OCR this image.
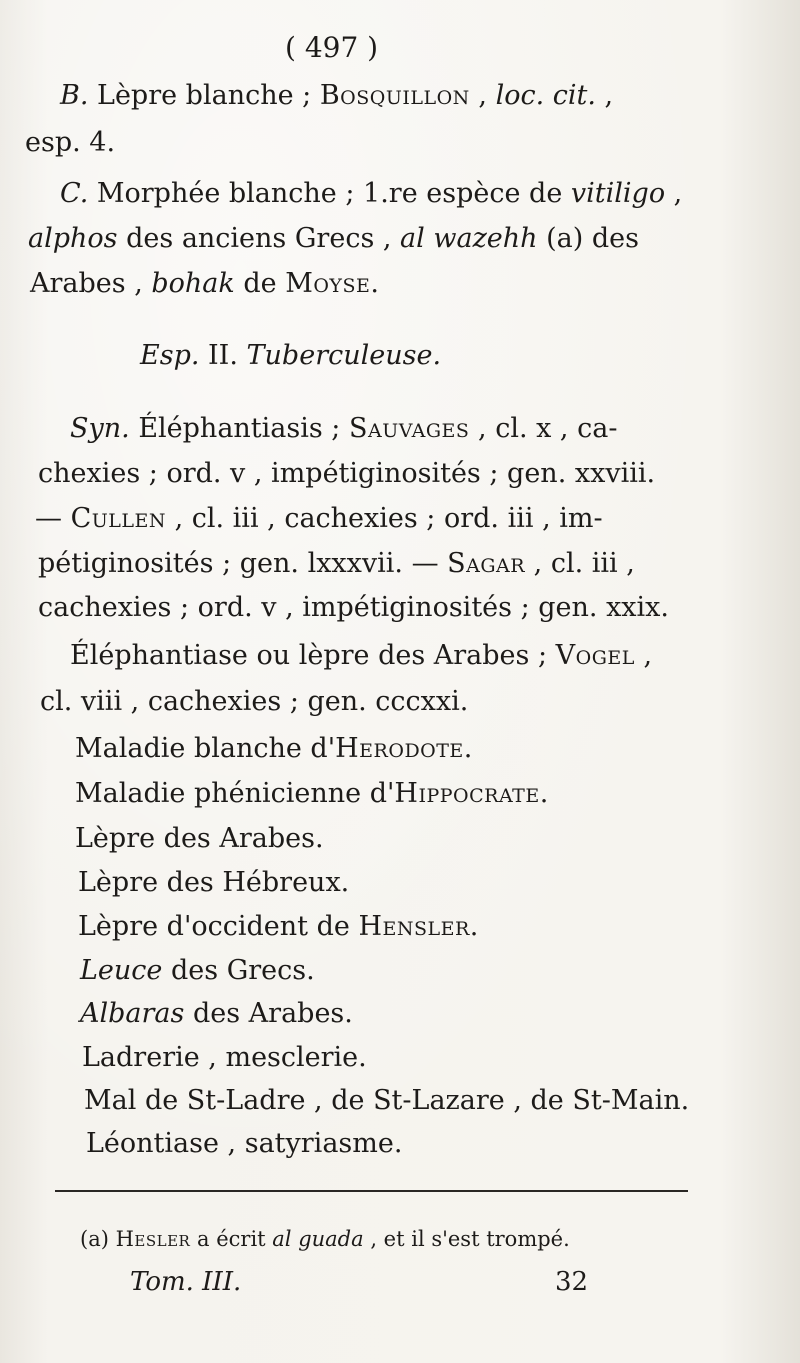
( 497 )
B. Lèpre blanche ; Bosquillon , loc. cit. ,
esp. 4.
C. Morphée blanche ; 1.re espèce de vitiligo ,
alphos des anciens Grecs , al wazehh (a) des
Arabes , bohak de Moyse.
Esp. II. Tuberculeuse.
Syn. Éléphantiasis ; Sauvages , cl. x , ca-
chexies ; ord. v , impétiginosités ; gen. xxviii.
— Cullen , cl. iii , cachexies ; ord. iii , im-
pétiginosités ; gen. lxxxvii. — Sagar , cl. iii ,
cachexies ; ord. v , impétiginosités ; gen. xxix.
Éléphantiase ou lèpre des Arabes ; Vogel ,
cl. viii , cachexies ; gen. cccxxi.
Maladie blanche d'Herodote.
Maladie phénicienne d'Hippocrate.
Lèpre des Arabes.
Lèpre des Hébreux.
Lèpre d'occident de Hensler.
Leuce des Grecs.
Albaras des Arabes.
Ladrerie , mesclerie.
Mal de St-Ladre , de St-Lazare , de St-Main.
Léontiase , satyriasme.
(a) Hesler a écrit al guada , et il s'est trompé.
Tom. III.	32
